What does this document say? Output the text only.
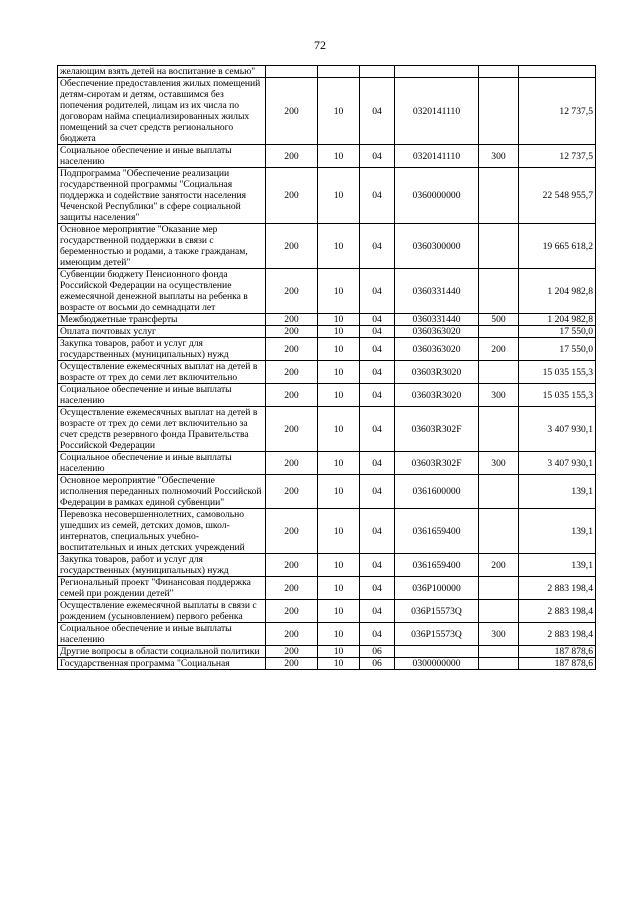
72
желающим взять детей на воспитание в семью"						
Обеспечение предоставления жилых помещений детям-сиротам и детям, оставшимся без попечения родителей, лицам из их числа по договорам найма специализированных жилых помещений за счет средств регионального бюджета	200	10	04	0320141110		12 737,5
Социальное обеспечение и иные выплаты населению	200	10	04	0320141110	300	12 737,5
Подпрограмма "Обеспечение реализации государственной программы "Социальная поддержка и содействие занятости населения Чеченской Республики" в сфере социальной защиты населения"	200	10	04	0360000000		22 548 955,7
Основное мероприятие "Оказание мер государственной поддержки в связи с беременностью и родами, а также гражданам, имеющим детей"	200	10	04	0360300000		19 665 618,2
Субвенции бюджету Пенсионного фонда Российской Федерации на осуществление ежемесячной денежной выплаты на ребенка в возрасте от восьми до семнадцати лет	200	10	04	0360331440		1 204 982,8
Межбюджетные трансферты	200	10	04	0360331440	500	1 204 982,8
Оплата почтовых услуг	200	10	04	0360363020		17 550,0
Закупка товаров, работ и услуг для государственных (муниципальных) нужд	200	10	04	0360363020	200	17 550,0
Осуществление ежемесячных выплат на детей в возрасте от трех до семи лет включительно	200	10	04	03603R3020		15 035 155,3
Социальное обеспечение и иные выплаты населению	200	10	04	03603R3020	300	15 035 155,3
Осуществление ежемесячных выплат на детей в возрасте от трех до семи лет включительно за счет средств резервного фонда Правительства Российской Федерации	200	10	04	03603R302F		3 407 930,1
Социальное обеспечение и иные выплаты населению	200	10	04	03603R302F	300	3 407 930,1
Основное мероприятие "Обеспечение исполнения переданных полномочий Российской Федерации в рамках единой субвенции"	200	10	04	0361600000		139,1
Перевозка несовершеннолетних, самовольно ушедших из семей, детских домов, школ-интернатов, специальных учебно-воспитательных и иных детских учреждений	200	10	04	0361659400		139,1
Закупка товаров, работ и услуг для государственных (муниципальных) нужд	200	10	04	0361659400	200	139,1
Региональный проект "Финансовая поддержка семей при рождении детей"	200	10	04	036P100000		2 883 198,4
Осуществление ежемесячной выплаты в связи с рождением (усыновлением) первого ребенка	200	10	04	036P15573Q		2 883 198,4
Социальное обеспечение и иные выплаты населению	200	10	04	036P15573Q	300	2 883 198,4
Другие вопросы в области социальной политики	200	10	06			187 878,6
Государственная программа "Социальная	200	10	06	0300000000		187 878,6
